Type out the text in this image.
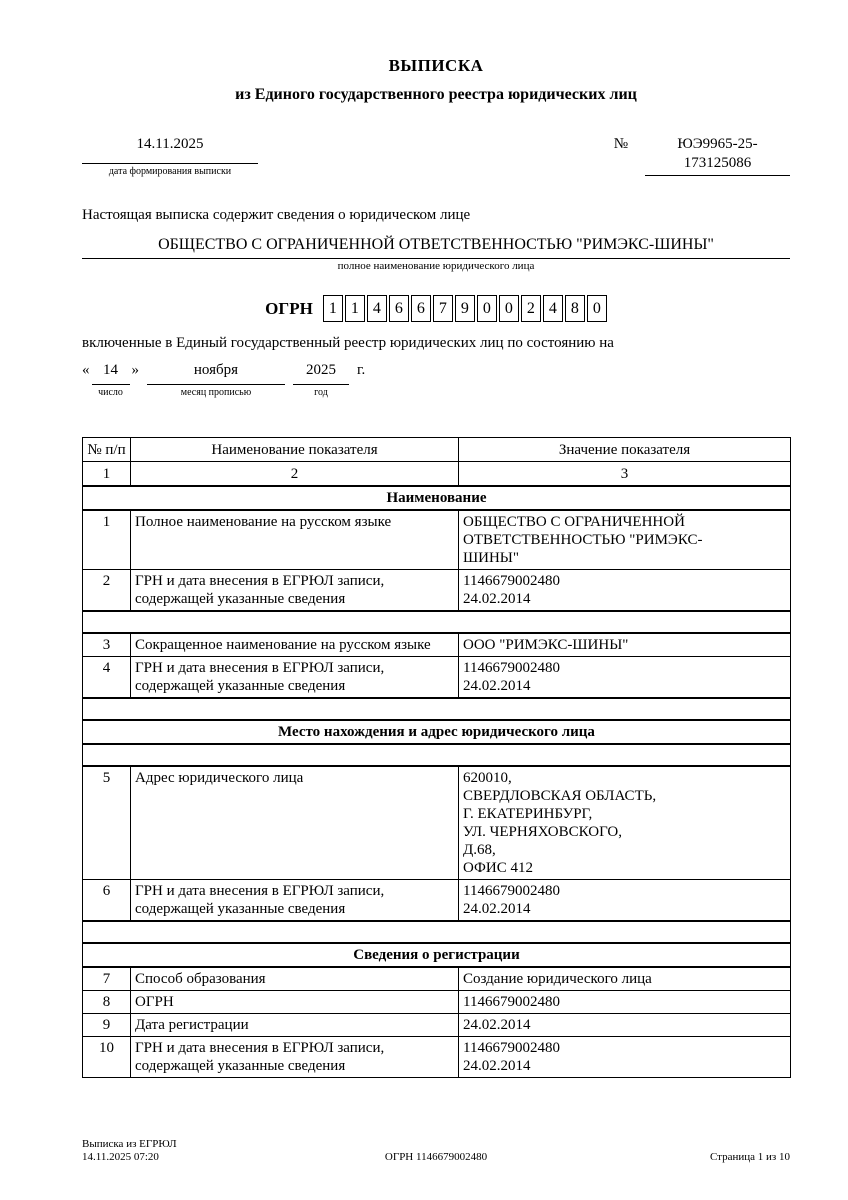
ВЫПИСКА
из Единого государственного реестра юридических лиц
14.11.2025
дата формирования выписки
№	ЮЭ9965-25-
173125086
Настоящая выписка содержит сведения о юридическом лице
ОБЩЕСТВО С ОГРАНИЧЕННОЙ ОТВЕТСТВЕННОСТЬЮ "РИМЭКС-ШИНЫ"
полное наименование юридического лица
ОГРН	1 1 4 6 6 7 9 0 0 2 4 8 0
включенные в Единый государственный реестр юридических лиц по состоянию на
« 14
число
»	ноября
месяц прописью
2025
год
г.
№ п/п	Наименование показателя	Значение показателя
1	2	3
Наименование		
1	Полное наименование на русском языке	ОБЩЕСТВО С ОГРАНИЧЕННОЙ
ОТВЕТСТВЕННОСТЬЮ "РИМЭКС-
ШИНЫ"

2	ГРН и дата внесения в ЕГРЮЛ записи, содержащей указанные сведения	1146679002480
24.02.2014

3	Сокращенное наименование на русском языке	ООО "РИМЭКС-ШИНЫ"

4	ГРН и дата внесения в ЕГРЮЛ записи, содержащей указанные сведения	1146679002480
24.02.2014

Место нахождения и адрес юридического лица		

5	Адрес юридического лица	620010,
СВЕРДЛОВСКАЯ ОБЛАСТЬ,
Г. ЕКАТЕРИНБУРГ,
УЛ. ЧЕРНЯХОВСКОГО,
Д.68,
ОФИС 412

6	ГРН и дата внесения в ЕГРЮЛ записи, содержащей указанные сведения	1146679002480
24.02.2014

Сведения о регистрации		
7	Способ образования	Создание юридического лица

8	ОГРН	1146679002480

9	Дата регистрации	24.02.2014

10	ГРН и дата внесения в ЕГРЮЛ записи, содержащей указанные сведения	1146679002480
24.02.2014
Выписка из ЕГРЮЛ
14.11.2025 07:20	ОГРН 1146679002480	Страница 1 из 10
